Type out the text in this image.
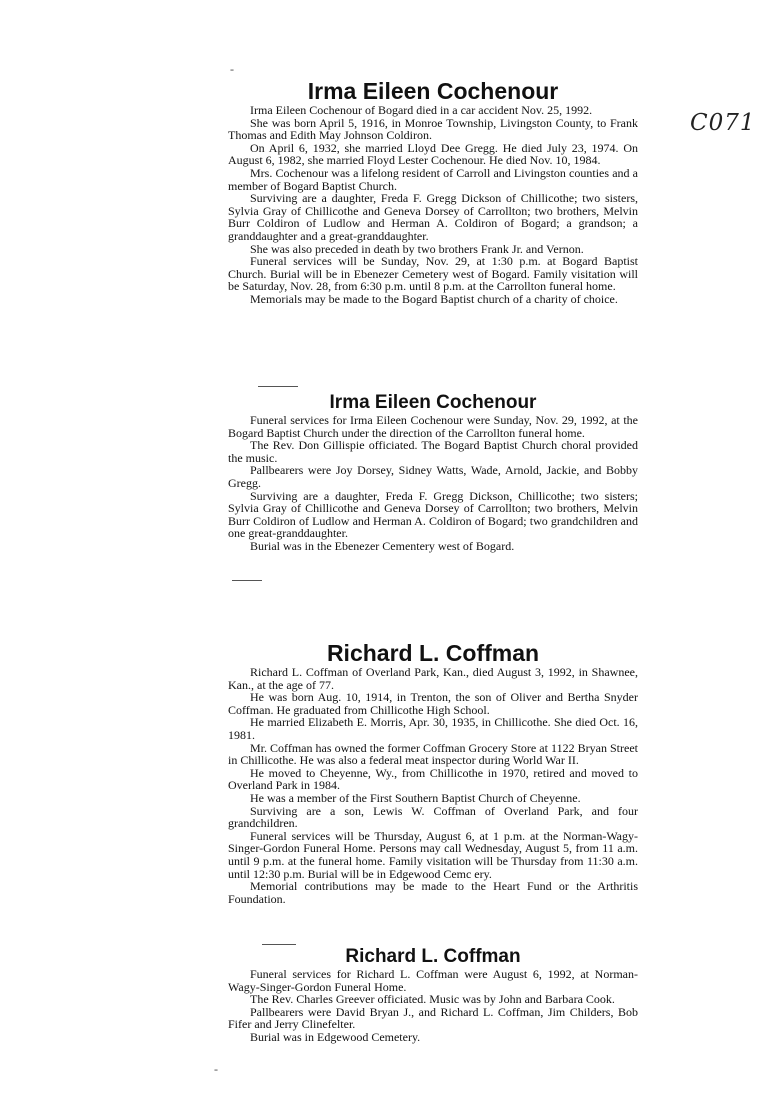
C071
-
Irma Eileen Cochenour

Irma Eileen Cochenour of Bogard died in a car accident Nov. 25, 1992.

She was born April 5, 1916, in Monroe Township, Livingston County, to Frank Thomas and Edith May Johnson Coldiron.

On April 6, 1932, she married Lloyd Dee Gregg. He died July 23, 1974. On August 6, 1982, she married Floyd Lester Cochenour. He died Nov. 10, 1984.

Mrs. Cochenour was a lifelong resident of Carroll and Livingston counties and a member of Bogard Baptist Church.

Surviving are a daughter, Freda F. Gregg Dickson of Chillicothe; two sisters, Sylvia Gray of Chillicothe and Geneva Dorsey of Carrollton; two brothers, Melvin Burr Coldiron of Ludlow and Herman A. Coldiron of Bogard; a grandson; a granddaughter and a great-granddaughter.

She was also preceded in death by two brothers Frank Jr. and Vernon.

Funeral services will be Sunday, Nov. 29, at 1:30 p.m. at Bogard Baptist Church. Burial will be in Ebenezer Cemetery west of Bogard. Family visitation will be Saturday, Nov. 28, from 6:30 p.m. until 8 p.m. at the Carrollton funeral home.

Memorials may be made to the Bogard Baptist church of a charity of choice.

Irma Eileen Cochenour

Funeral services for Irma Eileen Cochenour were Sunday, Nov. 29, 1992, at the Bogard Baptist Church under the direction of the Carrollton funeral home.

The Rev. Don Gillispie officiated. The Bogard Baptist Church choral provided the music.

Pallbearers were Joy Dorsey, Sidney Watts, Wade, Arnold, Jackie, and Bobby Gregg.

Surviving are a daughter, Freda F. Gregg Dickson, Chillicothe; two sisters; Sylvia Gray of Chillicothe and Geneva Dorsey of Carrollton; two brothers, Melvin Burr Coldiron of Ludlow and Herman A. Coldiron of Bogard; two grandchildren and one great-granddaughter.

Burial was in the Ebenezer Cementery west of Bogard.

Richard L. Coffman

Richard L. Coffman of Overland Park, Kan., died August 3, 1992, in Shawnee, Kan., at the age of 77.

He was born Aug. 10, 1914, in Trenton, the son of Oliver and Bertha Snyder Coffman. He graduated from Chillicothe High School.

He married Elizabeth E. Morris, Apr. 30, 1935, in Chillicothe. She died Oct. 16, 1981.

Mr. Coffman has owned the former Coffman Grocery Store at 1122 Bryan Street in Chillicothe. He was also a federal meat inspector during World War II.

He moved to Cheyenne, Wy., from Chillicothe in 1970, retired and moved to Overland Park in 1984.

He was a member of the First Southern Baptist Church of Cheyenne.

Surviving are a son, Lewis W. Coffman of Overland Park, and four grandchildren.

Funeral services will be Thursday, August 6, at 1 p.m. at the Norman-Wagy-Singer-Gordon Funeral Home. Persons may call Wednesday, August 5, from 11 a.m. until 9 p.m. at the funeral home. Family visitation will be Thursday from 11:30 a.m. until 12:30 p.m. Burial will be in Edgewood Cemc ery.

Memorial contributions may be made to the Heart Fund or the Arthritis Foundation.

Richard L. Coffman

Funeral services for Richard L. Coffman were August 6, 1992, at Norman-Wagy-Singer-Gordon Funeral Home.

The Rev. Charles Greever officiated. Music was by John and Barbara Cook.

Pallbearers were David Bryan J., and Richard L. Coffman, Jim Childers, Bob Fifer and Jerry Clinefelter.

Burial was in Edgewood Cemetery.

-
